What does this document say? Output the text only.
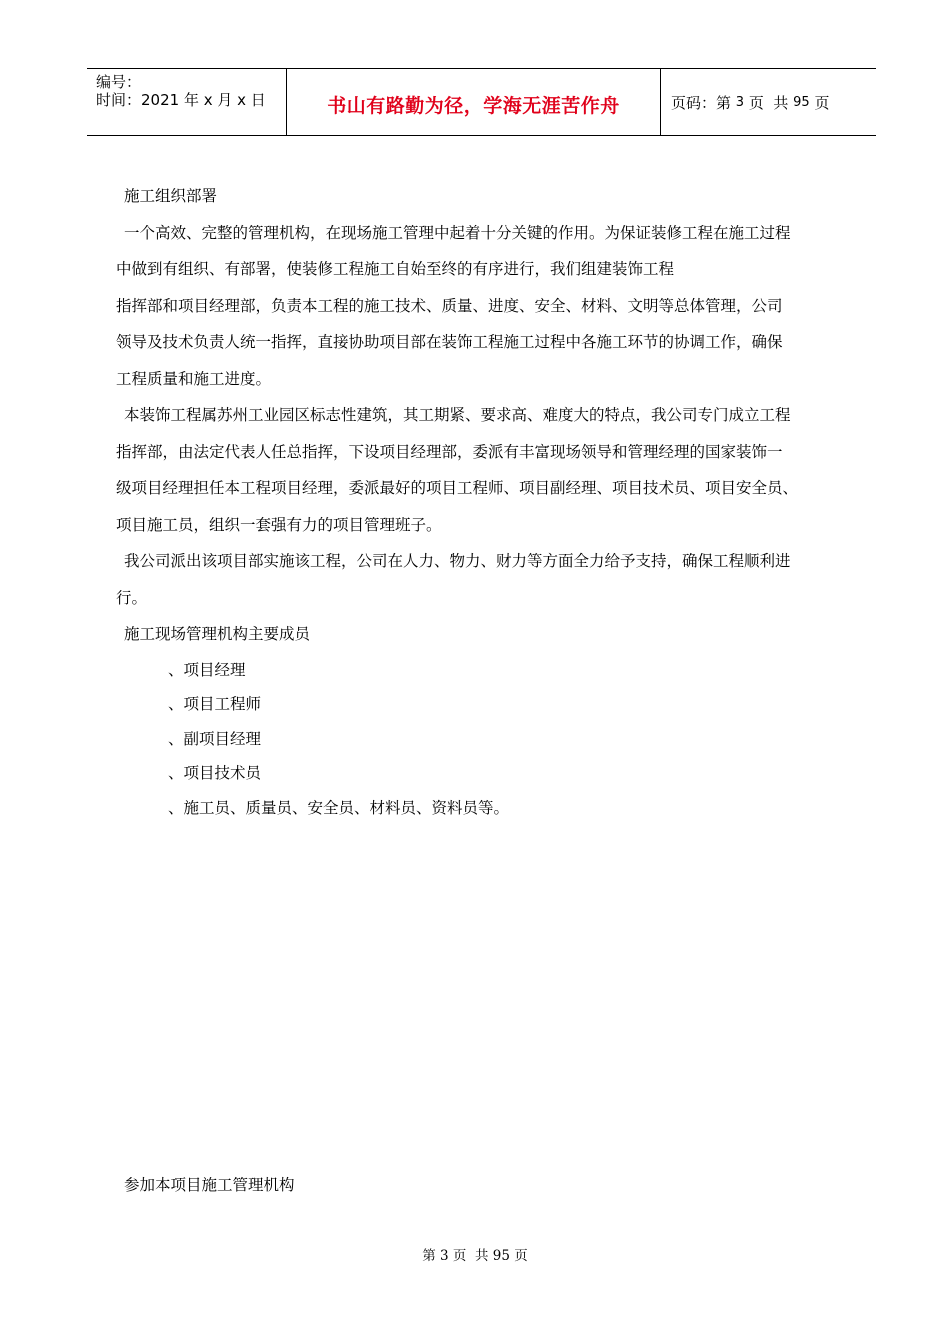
编号：
时间：2021 年 x 月 x 日	书山有路勤为径，学海无涯苦作舟	页码：第 3 页  共 95 页
施工组织部署
一个高效、完整的管理机构，在现场施工管理中起着十分关键的作用。为保证装修工程在施工过程
中做到有组织、有部署，使装修工程施工自始至终的有序进行，我们组建装饰工程
指挥部和项目经理部，负责本工程的施工技术、质量、进度、安全、材料、文明等总体管理，公司
领导及技术负责人统一指挥，直接协助项目部在装饰工程施工过程中各施工环节的协调工作，确保
工程质量和施工进度。
本装饰工程属苏州工业园区标志性建筑，其工期紧、要求高、难度大的特点，我公司专门成立工程
指挥部，由法定代表人任总指挥，下设项目经理部，委派有丰富现场领导和管理经理的国家装饰一
级项目经理担任本工程项目经理，委派最好的项目工程师、项目副经理、项目技术员、项目安全员、
项目施工员，组织一套强有力的项目管理班子。
我公司派出该项目部实施该工程，公司在人力、物力、财力等方面全力给予支持，确保工程顺利进
行。
施工现场管理机构主要成员
、项目经理
、项目工程师
、副项目经理
、项目技术员
、施工员、质量员、安全员、材料员、资料员等。
参加本项目施工管理机构
第 3 页  共 95 页
